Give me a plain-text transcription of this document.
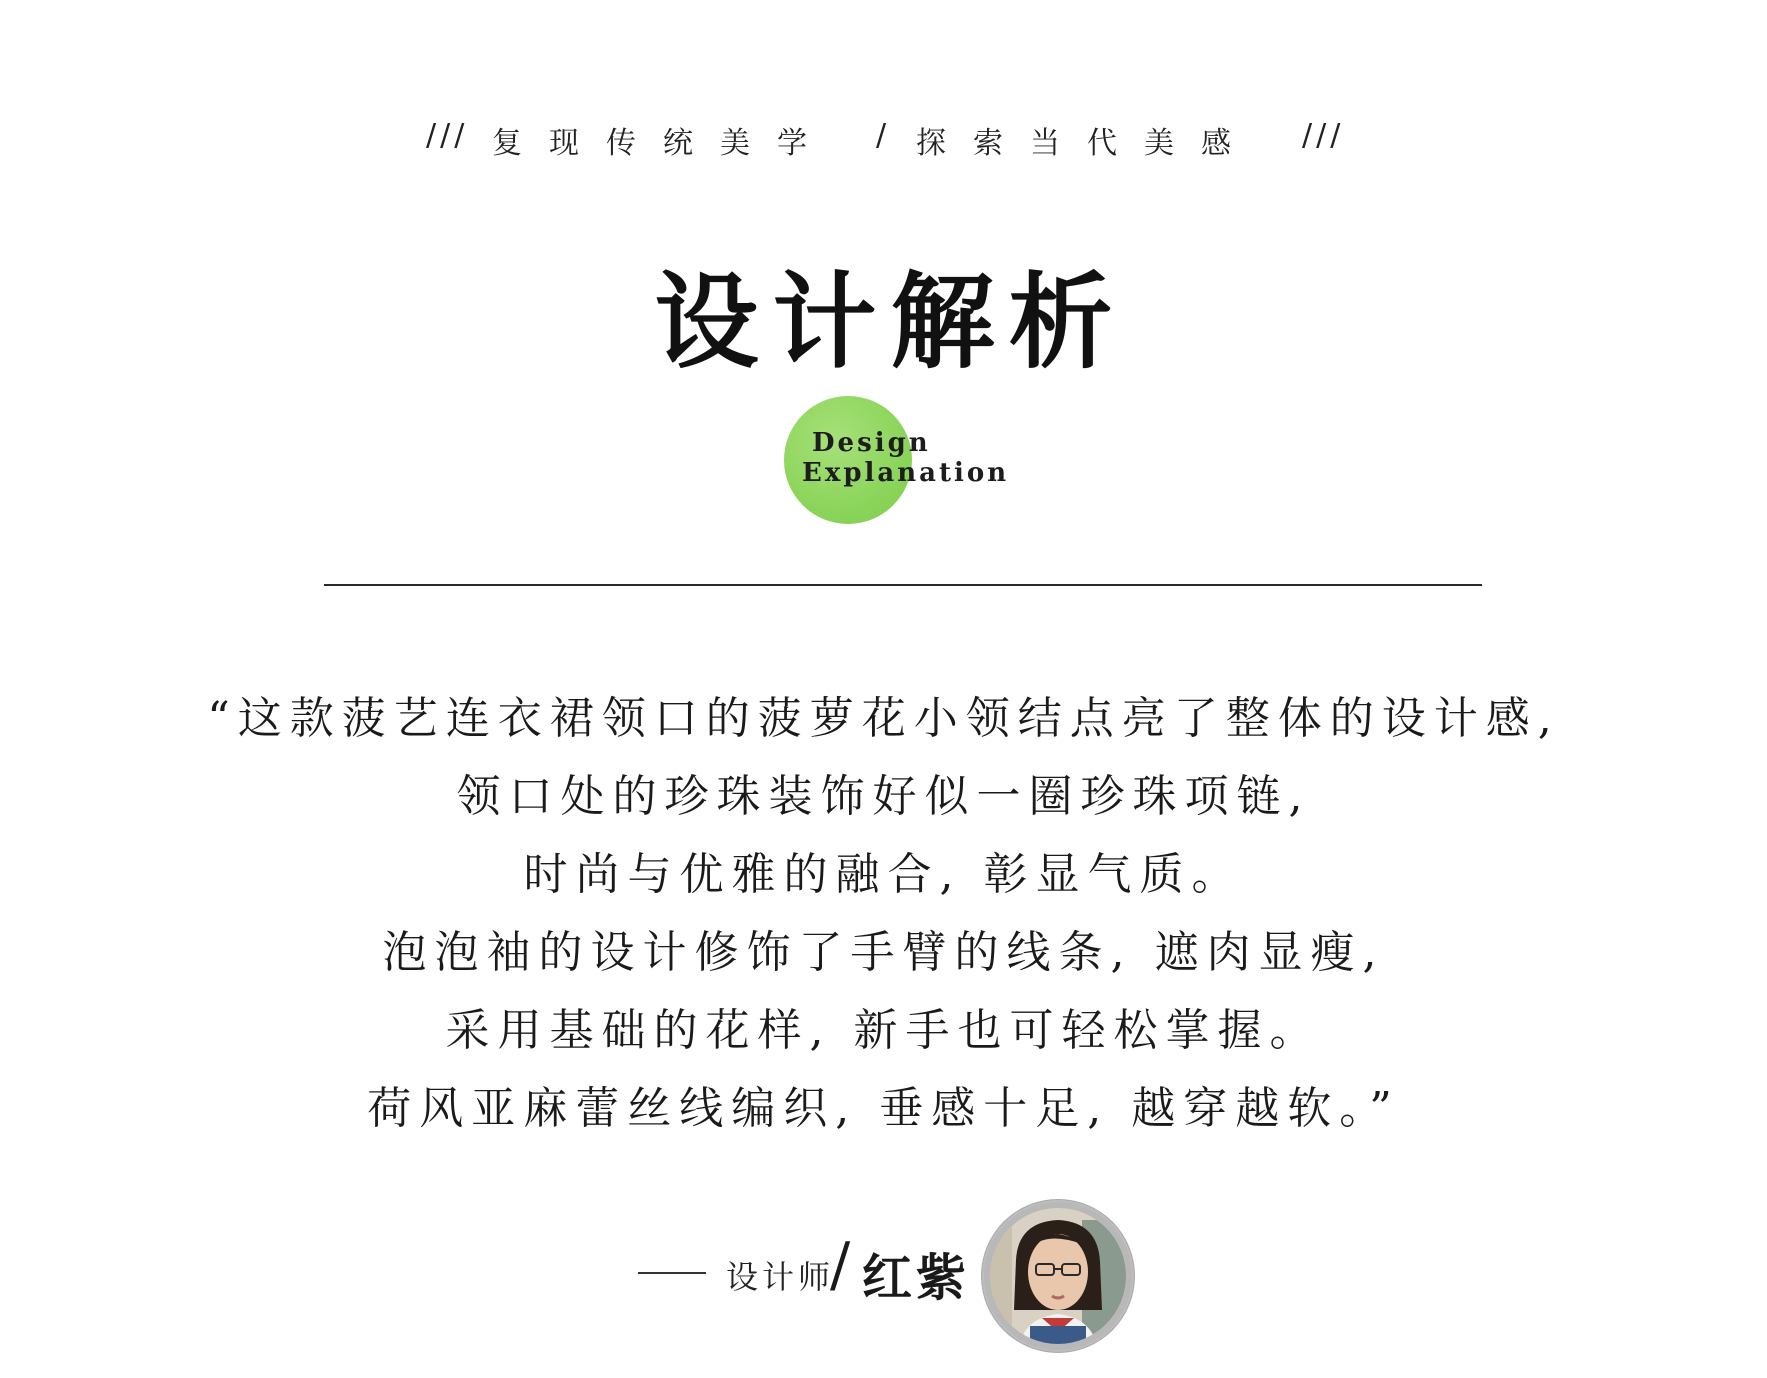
/// 复现传统美学 / 探索当代美感 ///
设计解析
Design
Explanation
“这款菠艺连衣裙领口的菠萝花小领结点亮了整体的设计感,
领口处的珍珠装饰好似一圈珍珠项链,
时尚与优雅的融合, 彰显气质。
泡泡袖的设计修饰了手臂的线条, 遮肉显瘦,
采用基础的花样, 新手也可轻松掌握。
荷风亚麻蕾丝线编织, 垂感十足, 越穿越软。”
设计师
/ 红紫
